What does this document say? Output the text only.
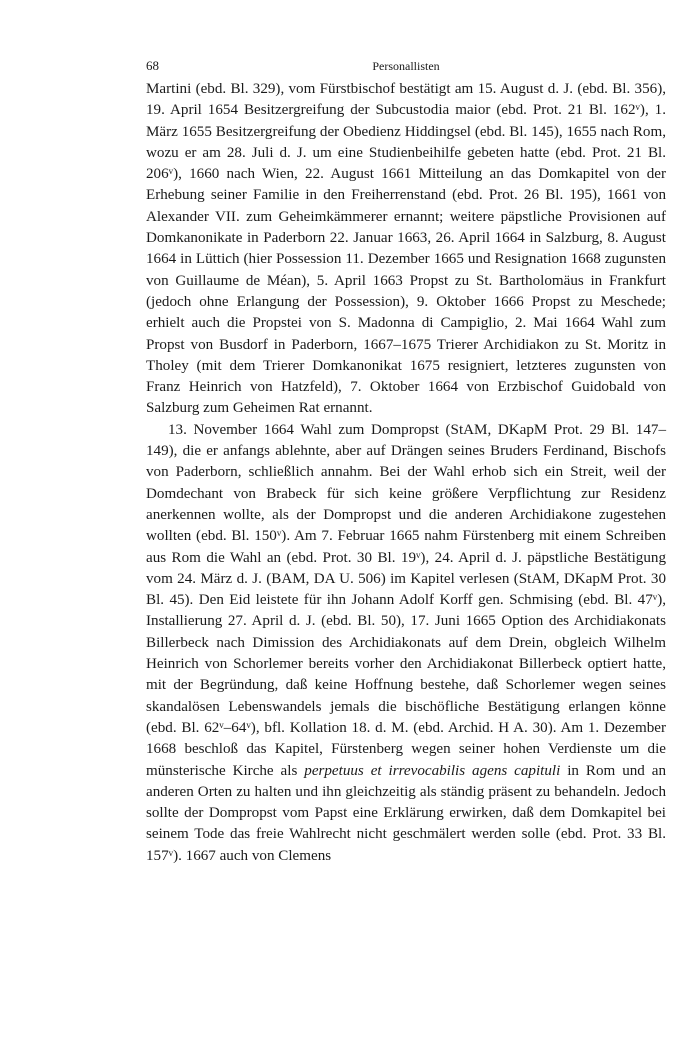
68	Personallisten

Martini (ebd. Bl. 329), vom Fürstbischof bestätigt am 15. August d. J. (ebd. Bl. 356), 19. April 1654 Besitzergreifung der Subcustodia maior (ebd. Prot. 21 Bl. 162ᵛ), 1. März 1655 Besitzergreifung der Obedienz Hiddingsel (ebd. Bl. 145), 1655 nach Rom, wozu er am 28. Juli d. J. um eine Studienbeihilfe gebeten hatte (ebd. Prot. 21 Bl. 206ᵛ), 1660 nach Wien, 22. August 1661 Mitteilung an das Domkapitel von der Erhebung seiner Familie in den Freiherrenstand (ebd. Prot. 26 Bl. 195), 1661 von Alexander VII. zum Geheimkämmerer ernannt; weitere päpstliche Provisionen auf Domkanonikate in Paderborn 22. Januar 1663, 26. April 1664 in Salzburg, 8. August 1664 in Lüttich (hier Possession 11. Dezember 1665 und Resignation 1668 zugunsten von Guillaume de Méan), 5. April 1663 Propst zu St. Bartholomäus in Frankfurt (jedoch ohne Erlangung der Possession), 9. Oktober 1666 Propst zu Meschede; erhielt auch die Propstei von S. Madonna di Campiglio, 2. Mai 1664 Wahl zum Propst von Busdorf in Paderborn, 1667–1675 Trierer Archidiakon zu St. Moritz in Tholey (mit dem Trierer Domkanonikat 1675 resigniert, letzteres zugunsten von Franz Heinrich von Hatzfeld), 7. Oktober 1664 von Erzbischof Guidobald von Salzburg zum Geheimen Rat ernannt.

13. November 1664 Wahl zum Dompropst (StAM, DKapM Prot. 29 Bl. 147–149), die er anfangs ablehnte, aber auf Drängen seines Bruders Ferdinand, Bischofs von Paderborn, schließlich annahm. Bei der Wahl erhob sich ein Streit, weil der Domdechant von Brabeck für sich keine größere Verpflichtung zur Residenz anerkennen wollte, als der Dompropst und die anderen Archidiakone zugestehen wollten (ebd. Bl. 150ᵛ). Am 7. Februar 1665 nahm Fürstenberg mit einem Schreiben aus Rom die Wahl an (ebd. Prot. 30 Bl. 19ᵛ), 24. April d. J. päpstliche Bestätigung vom 24. März d. J. (BAM, DA U. 506) im Kapitel verlesen (StAM, DKapM Prot. 30 Bl. 45). Den Eid leistete für ihn Johann Adolf Korff gen. Schmising (ebd. Bl. 47ᵛ), Installierung 27. April d. J. (ebd. Bl. 50), 17. Juni 1665 Option des Archidiakonats Billerbeck nach Dimission des Archidiakonats auf dem Drein, obgleich Wilhelm Heinrich von Schorlemer bereits vorher den Archidiakonat Billerbeck optiert hatte, mit der Begründung, daß keine Hoffnung bestehe, daß Schorlemer wegen seines skandalösen Lebenswandels jemals die bischöfliche Bestätigung erlangen könne (ebd. Bl. 62ᵛ–64ᵛ), bfl. Kollation 18. d. M. (ebd. Archid. H A. 30). Am 1. Dezember 1668 beschloß das Kapitel, Fürstenberg wegen seiner hohen Verdienste um die münsterische Kirche als perpetuus et irrevocabilis agens capituli in Rom und an anderen Orten zu halten und ihn gleichzeitig als ständig präsent zu behandeln. Jedoch sollte der Dompropst vom Papst eine Erklärung erwirken, daß dem Domkapitel bei seinem Tode das freie Wahlrecht nicht geschmälert werden solle (ebd. Prot. 33 Bl. 157ᵛ). 1667 auch von Clemens
